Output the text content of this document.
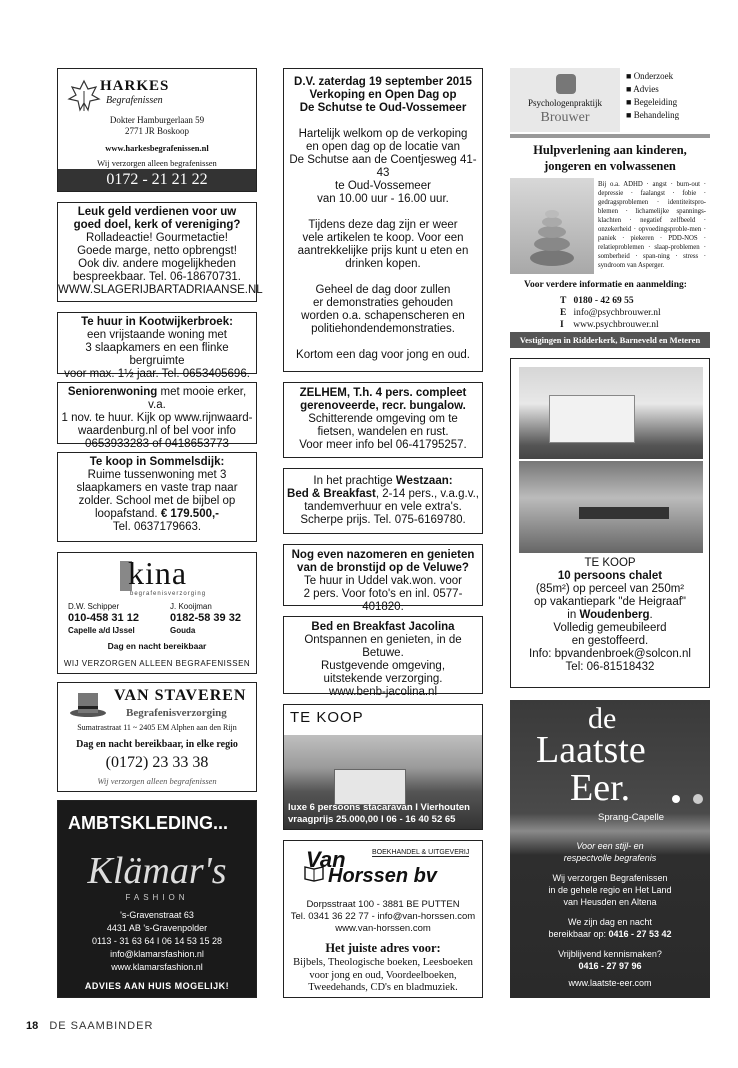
HARKES
Begrafenissen
Dokter Hamburgerlaan 59
2771 JR Boskoop
www.harkesbegrafenissen.nl
Wij verzorgen alleen begrafenissen
0172 - 21 21 22

Leuk geld verdienen voor uw

goed doel, kerk of vereniging?

Rolladeactie! Gourmetactie!

Goede marge, netto opbrengst!

Ook div. andere mogelijkheden

bespreekbaar. Tel. 06-18670731.

WWW.SLAGERIJBARTADRIAANSE.NL

Te huur in Kootwijkerbroek:

een vrijstaande woning met

3 slaapkamers en een flinke bergruimte

voor max. 1½ jaar. Tel. 0653405696.

Seniorenwoning met mooie erker, v.a.

1 nov. te huur. Kijk op www.rijnwaard-

waardenburg.nl of bel voor info

0653933283 of 0418653773

Te koop in Sommelsdijk:

Ruime tussenwoning met 3

slaapkamers en vaste trap naar

zolder. School met de bijbel op

loopafstand. € 179.500,-

Tel. 0637179663.

kina
begrafenisverzorging
D.W. Schipper
010-458 31 12
Capelle a/d IJssel
J. Kooijman
0182-58 39 32
Gouda
Dag en nacht bereikbaar
WIJ VERZORGEN ALLEEN BEGRAFENISSEN
VAN STAVEREN
Begrafenisverzorging
Sumatrastraat 11 ~ 2405 EM Alphen aan den Rijn
Dag en nacht bereikbaar, in elke regio
(0172) 23 33 38
Wij verzorgen alleen begrafenissen
AMBTSKLEDING...
Klämar's
FASHION
's-Gravenstraat 63
4431 AB 's-Gravenpolder
0113 - 31 63 64 I 06 14 53 15 28
info@klamarsfashion.nl
www.klamarsfashion.nl
ADVIES AAN HUIS MOGELIJK!

D.V. zaterdag 19 september 2015

Verkoping en Open Dag op

De Schutse te Oud-Vossemeer

Hartelijk welkom op de verkoping

en open dag op de locatie van

De Schutse aan de Coentjesweg 41-43

te Oud-Vossemeer

van 10.00 uur - 16.00 uur.

Tijdens deze dag zijn er weer

vele artikelen te koop. Voor een

aantrekkelijke prijs kunt u eten en

drinken kopen.

Geheel de dag door zullen

er demonstraties gehouden

worden o.a. schapenscheren en

politiehondendemonstraties.

Kortom een dag voor jong en oud.

ZELHEM, T.h. 4 pers. compleet

gerenoveerde, recr. bungalow.

Schitterende omgeving om te

fietsen, wandelen en rust.

Voor meer info bel 06-41795257.

In het prachtige Westzaan:

Bed & Breakfast, 2-14 pers., v.a.g.v.,

tandemverhuur en vele extra's.

Scherpe prijs. Tel. 075-6169780.

Nog even nazomeren en genieten

van de bronstijd op de Veluwe?

Te huur in Uddel vak.won. voor

2 pers. Voor foto's en inl. 0577-401820.

Bed en Breakfast Jacolina

Ontspannen en genieten, in de Betuwe.

Rustgevende omgeving,

uitstekende verzorging.

www.benb-jacolina.nl

TE KOOP
luxe 6 persoons stacaravan I Vierhouten
vraagprijs 25.000,00 I 06 - 16 40 52 65
Van	BOEKHANDEL & UITGEVERIJ
Horssen bv
Dorpsstraat 100 - 3881 BE PUTTEN
Tel. 0341 36 22 77 - info@van-horssen.com
www.van-horssen.com
Het juiste adres voor:
Bijbels, Theologische boeken, Leesboeken
voor jong en oud, Voordeelboeken,
Tweedehands, CD's en bladmuziek.
Psychologenpraktijk
Brouwer
■ Onderzoek
■ Advies
■ Begeleiding
■ Behandeling
Hulpverlening aan kinderen,
jongeren en volwassenen
Bij o.a. ADHD · angst · burn-out · depressie · faalangst · fobie · gedragsproblemen · identiteitspro-blemen · lichamelijke spannings-klachten · negatief zelfbeeld · onzekerheid · opvoedingsproble-men · paniek · piekeren · PDD-NOS · relatieproblemen · slaap-problemen · somberheid · span-ning · stress · syndroom van Asperger.
Voor verdere informatie en aanmelding:
T 0180 - 42 69 55
E info@psychbrouwer.nl
I www.psychbrouwer.nl
Vestigingen in Ridderkerk, Barneveld en Meteren

TE KOOP

10 persoons chalet

(85m²) op perceel van 250m²

op vakantiepark "de Heigraaf"

in Woudenberg.

Volledig gemeubileerd

en gestoffeerd.

Info: bpvandenbroek@solcon.nl

Tel: 06-81518432

de
Laatste
Eer.
Sprang-Capelle
Voor een stijl- en
respectvolle begrafenis
Wij verzorgen Begrafenissen
in de gehele regio en Het Land
van Heusden en Altena
We zijn dag en nacht
bereikbaar op: 0416 - 27 53 42
Vrijblijvend kennismaken?
0416 - 27 97 96
www.laatste-eer.com
18 DE SAAMBINDER
